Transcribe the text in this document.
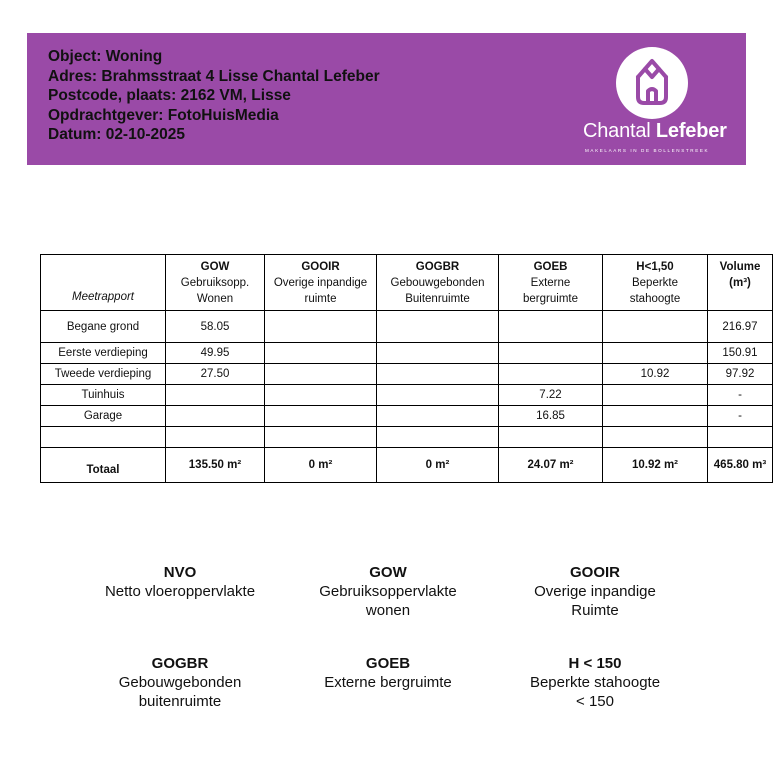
Object: Woning
Adres: Brahmsstraat 4 Lisse Chantal Lefeber
Postcode, plaats: 2162 VM, Lisse
Opdrachtgever: FotoHuisMedia
Datum: 02-10-2025	Chantal Lefeber
MAKELAARS IN DE BOLLENSTREEK
Meetrapport	GOW
Gebruiksopp.
Wonen	GOOIR
Overige inpandige
ruimte	GOGBR
Gebouwgebonden
Buitenruimte	GOEB
Externe
bergruimte	H<1,50
Beperkte
stahoogte	Volume
(m³)

Begane grond	58.05					216.97
Eerste verdieping	49.95					150.91
Tweede verdieping	27.50				10.92	97.92
Tuinhuis				7.22		-
Garage				16.85		-

Totaal	135.50 m²	0 m²	0 m²	24.07 m²	10.92 m²	465.80 m³
NVO
Netto vloeroppervlakte
GOW
Gebruiksoppervlakte
wonen
GOOIR
Overige inpandige
Ruimte
GOGBR
Gebouwgebonden
buitenruimte
GOEB
Externe bergruimte
H < 150
Beperkte stahoogte
< 150
